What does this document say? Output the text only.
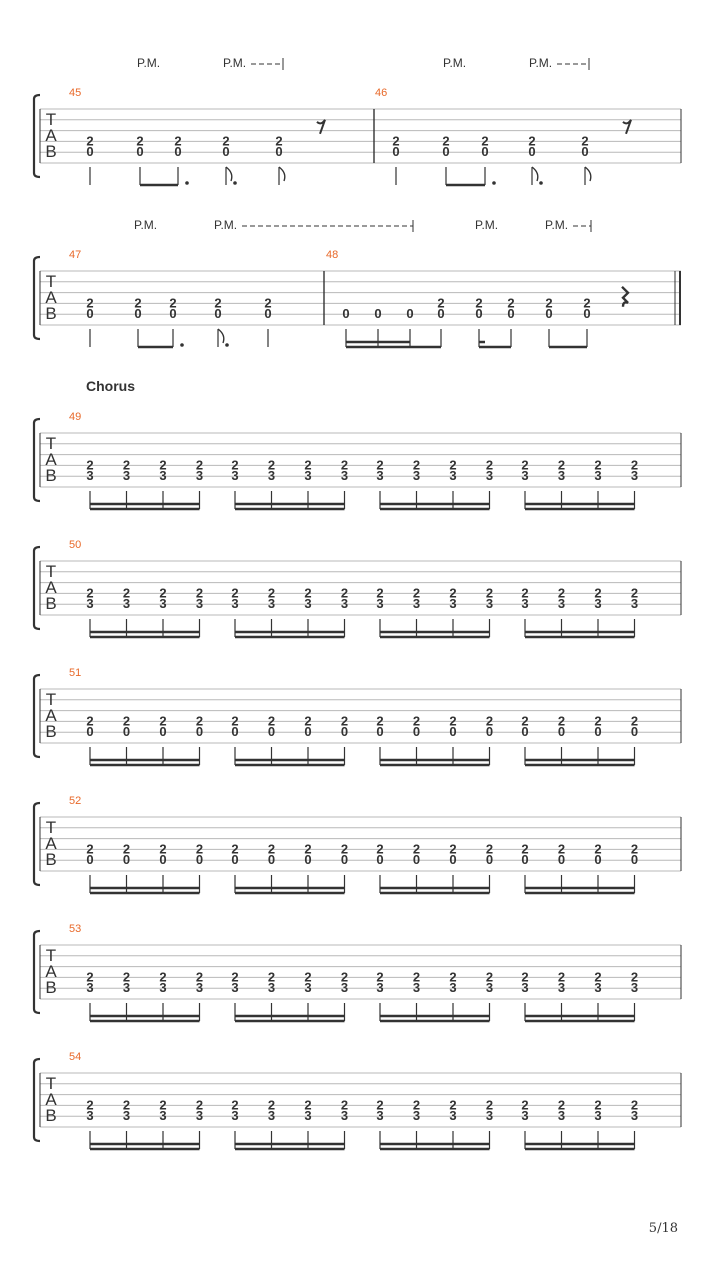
T
A
B
P.M.	P.M.	P.M.	P.M.
45
2
0
2
0
2
0
2
0
2
0
46
2
0
2
0
2
0
2
0
2
0
T
A
B
P.M.	P.M.	P.M.	P.M.
47
2
0
2
0
2
0
2
0
2
0
48
0 0 0
2
0
2
0
2
0
2
0
2
0
T
A
B
49
2
3
2
3
2
3
2
3
2
3
2
3
2
3
2
3
2
3
2
3
2
3
2
3
2
3
2
3
2
3
2
3
T
A
B
50
2
3
2
3
2
3
2
3
2
3
2
3
2
3
2
3
2
3
2
3
2
3
2
3
2
3
2
3
2
3
2
3
T
A
B
51
2
0
2
0
2
0
2
0
2
0
2
0
2
0
2
0
2
0
2
0
2
0
2
0
2
0
2
0
2
0
2
0
T
A
B
52
2
0
2
0
2
0
2
0
2
0
2
0
2
0
2
0
2
0
2
0
2
0
2
0
2
0
2
0
2
0
2
0
T
A
B
53
2
3
2
3
2
3
2
3
2
3
2
3
2
3
2
3
2
3
2
3
2
3
2
3
2
3
2
3
2
3
2
3
T
A
B
54
2
3
2
3
2
3
2
3
2
3
2
3
2
3
2
3
2
3
2
3
2
3
2
3
2
3
2
3
2
3
2
3
Chorus
5/18
